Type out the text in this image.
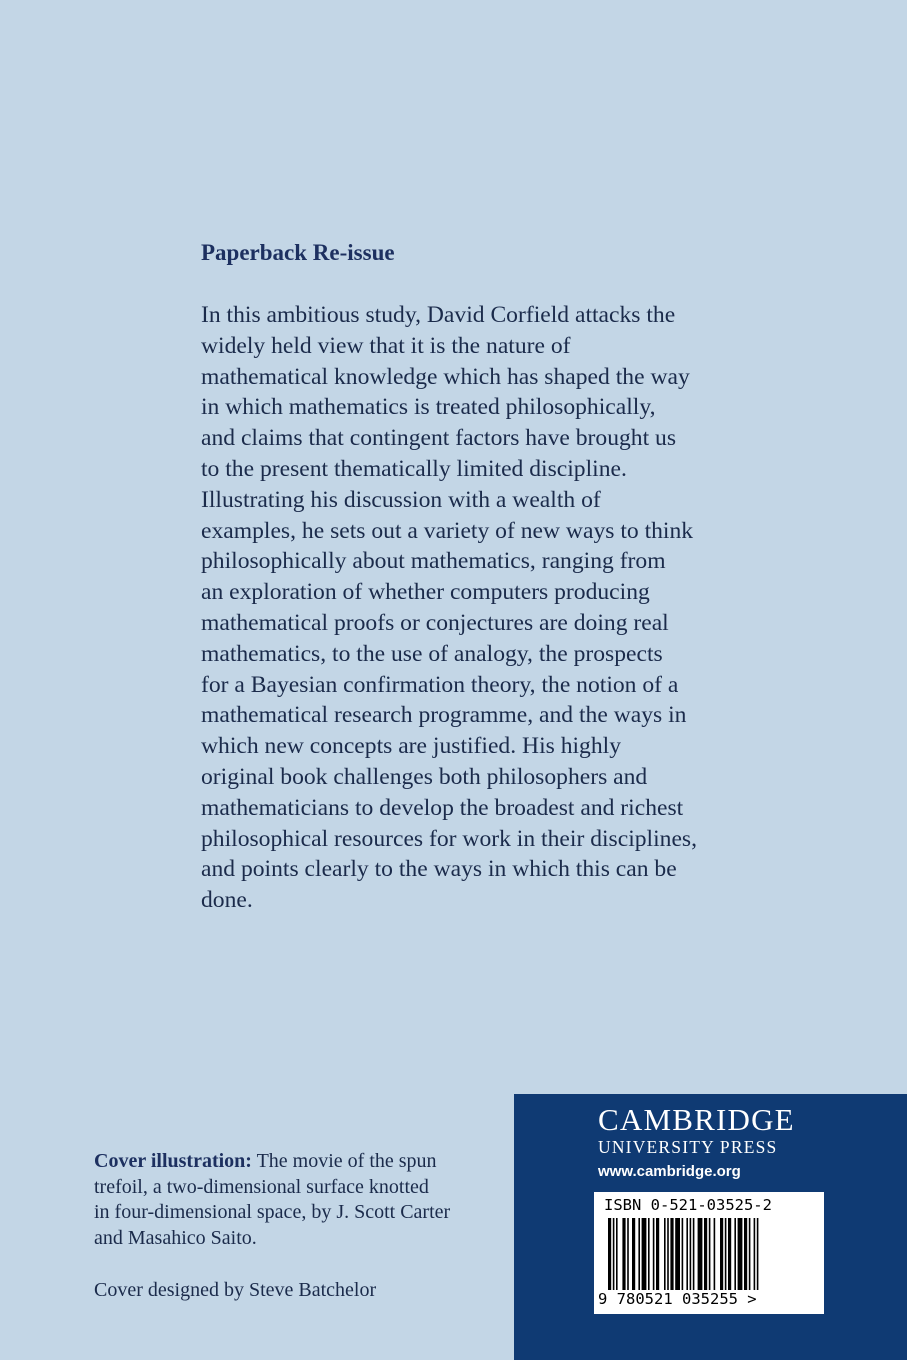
Paperback Re-issue
In this ambitious study, David Corfield attacks the
widely held view that it is the nature of
mathematical knowledge which has shaped the way
in which mathematics is treated philosophically,
and claims that contingent factors have brought us
to the present thematically limited discipline.
Illustrating his discussion with a wealth of
examples, he sets out a variety of new ways to think
philosophically about mathematics, ranging from
an exploration of whether computers producing
mathematical proofs or conjectures are doing real
mathematics, to the use of analogy, the prospects
for a Bayesian confirmation theory, the notion of a
mathematical research programme, and the ways in
which new concepts are justified. His highly
original book challenges both philosophers and
mathematicians to develop the broadest and richest
philosophical resources for work in their disciplines,
and points clearly to the ways in which this can be
done.
Cover illustration: The movie of the spun
trefoil, a two-dimensional surface knotted
in four-dimensional space, by J. Scott Carter
and Masahico Saito.
Cover designed by Steve Batchelor
CAMBRIDGE
UNIVERSITY PRESS
www.cambridge.org
ISBN 0-521-03525-2
9 780521 035255 >
